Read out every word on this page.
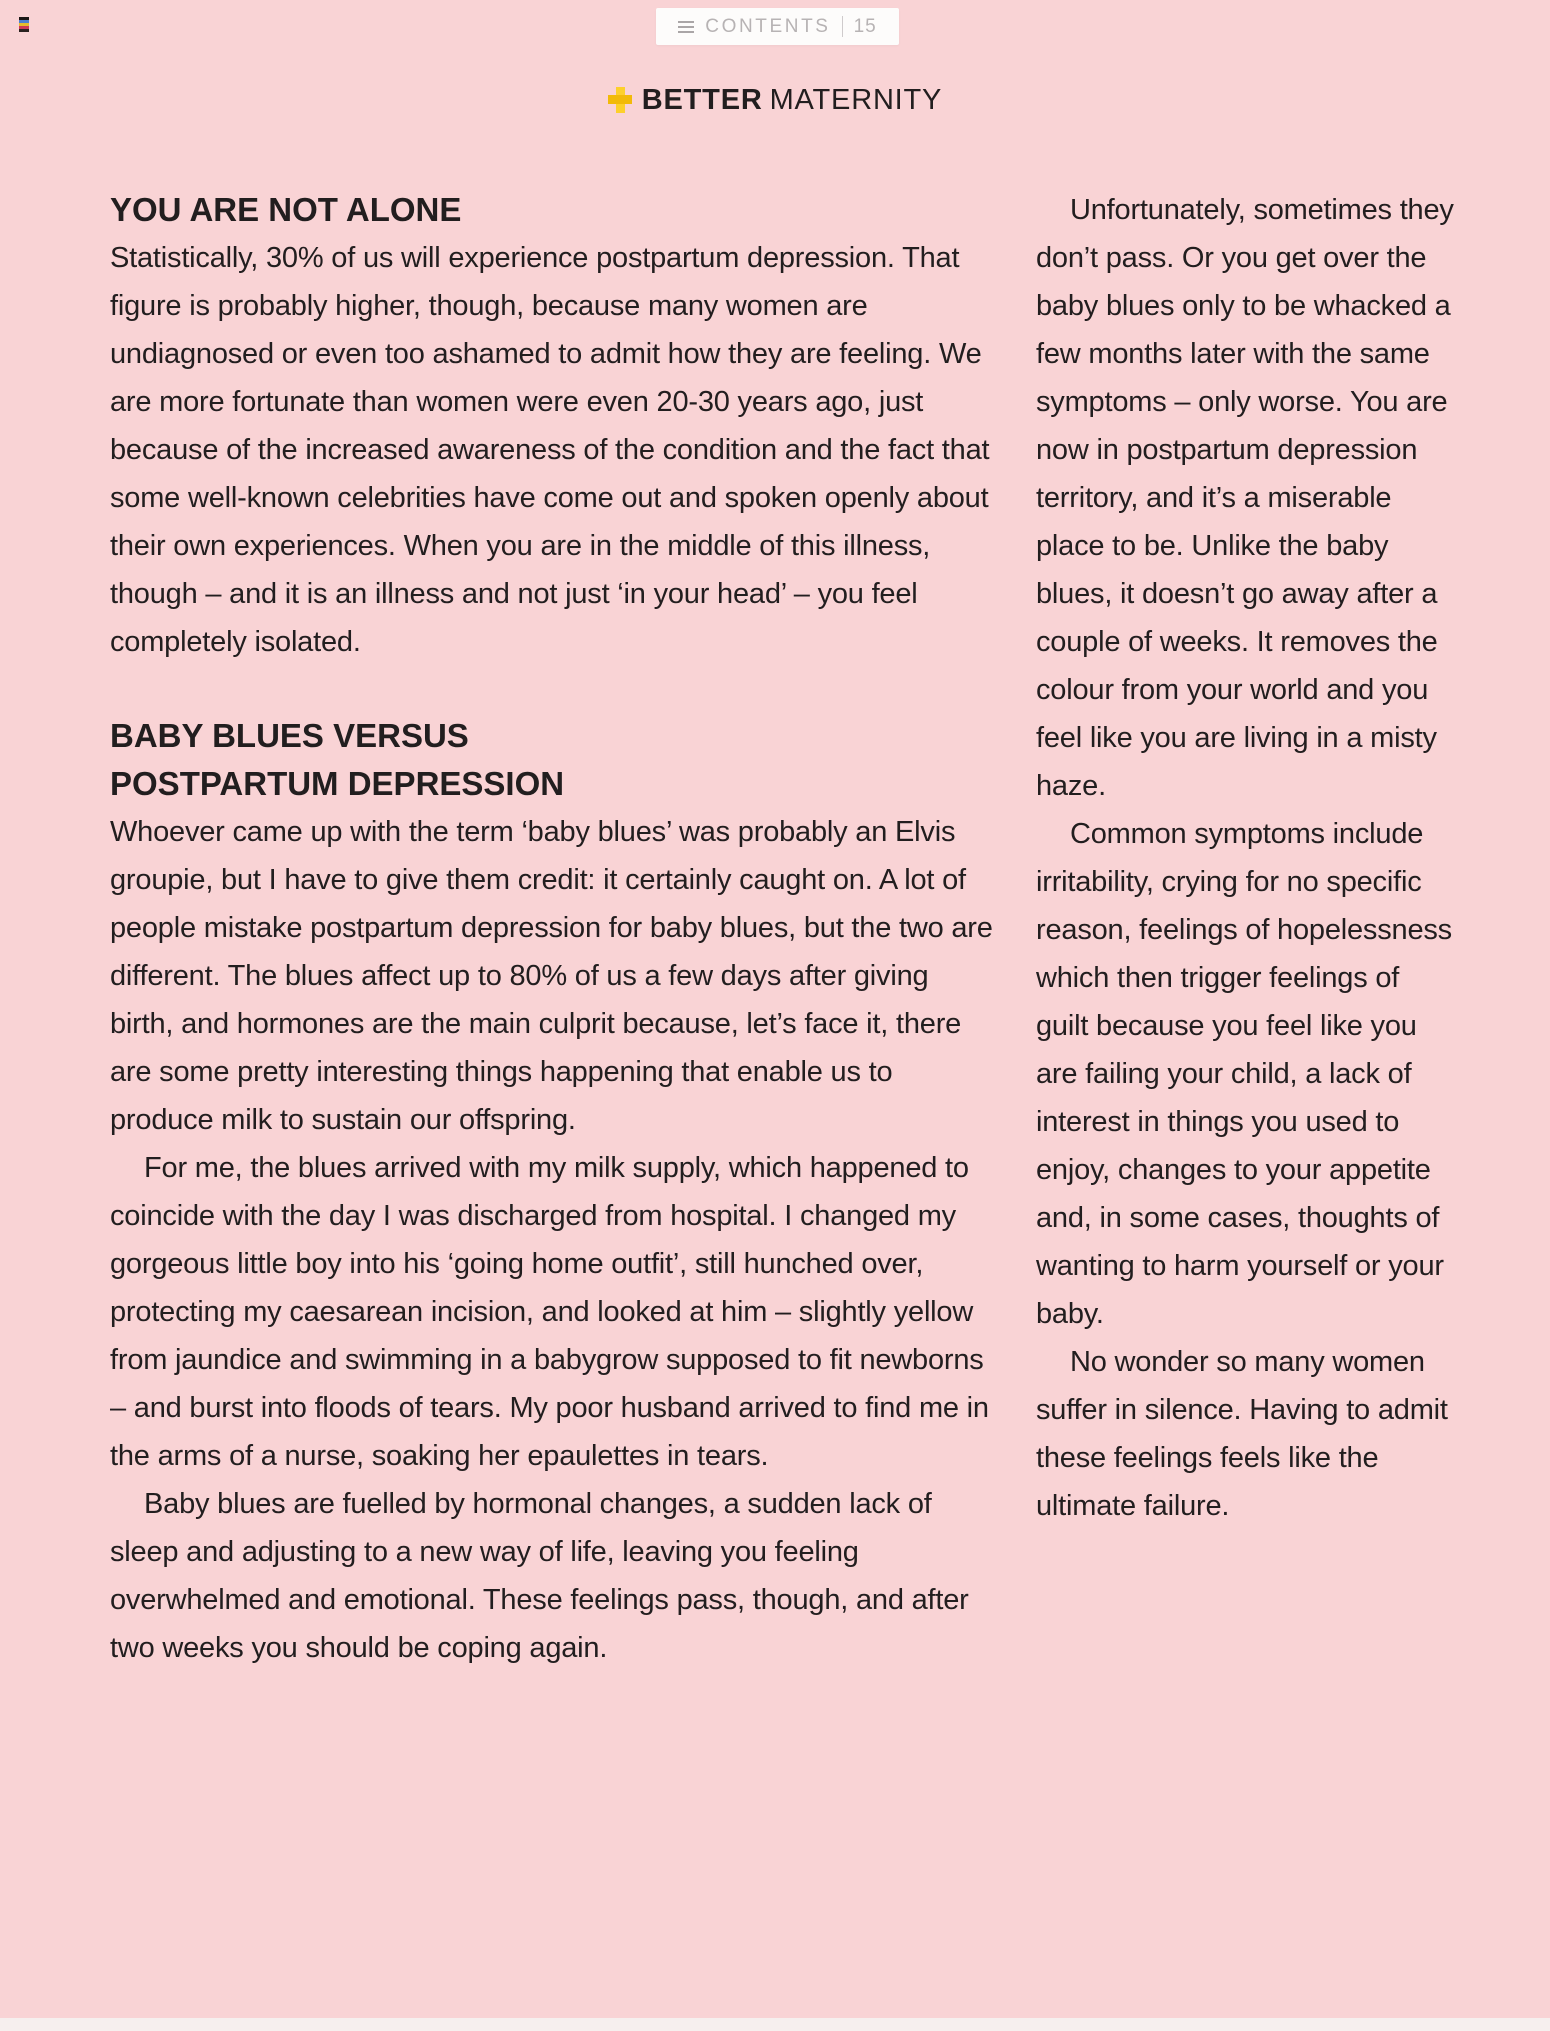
CONTENTS 15
BETTER MATERNITY
YOU ARE NOT ALONE

Statistically, 30% of us will experience postpartum depression. That figure is probably higher, though, because many women are undiagnosed or even too ashamed to admit how they are feeling. We are more fortunate than women were even 20-30 years ago, just because of the increased awareness of the condition and the fact that some well-known celebrities have come out and spoken openly about their own experiences. When you are in the middle of this illness, though – and it is an illness and not just ‘in your head’ – you feel completely isolated.

BABY BLUES VERSUS
POSTPARTUM DEPRESSION

Whoever came up with the term ‘baby blues’ was probably an Elvis groupie, but I have to give them credit: it certainly caught on. A lot of people mistake postpartum depression for baby blues, but the two are different. The blues affect up to 80% of us a few days after giving birth, and hormones are the main culprit because, let’s face it, there are some pretty interesting things happening that enable us to produce milk to sustain our offspring.

For me, the blues arrived with my milk supply, which happened to coincide with the day I was discharged from hospital. I changed my gorgeous little boy into his ‘going home outfit’, still hunched over, protecting my caesarean incision, and looked at him – slightly yellow from jaundice and swimming in a babygrow supposed to fit newborns – and burst into floods of tears. My poor husband arrived to find me in the arms of a nurse, soaking her epaulettes in tears.

Baby blues are fuelled by hormonal changes, a sudden lack of sleep and adjusting to a new way of life, leaving you feeling overwhelmed and emotional. These feelings pass, though, and after two weeks you should be coping again.

Unfortunately, sometimes they don’t pass. Or you get over the baby blues only to be whacked a few months later with the same symptoms – only worse. You are now in postpartum depression territory, and it’s a miserable place to be. Unlike the baby blues, it doesn’t go away after a couple of weeks. It removes the colour from your world and you feel like you are living in a misty haze.

Common symptoms include irritability, crying for no specific reason, feelings of hopelessness which then trigger feelings of guilt because you feel like you are failing your child, a lack of interest in things you used to enjoy, changes to your appetite and, in some cases, thoughts of wanting to harm yourself or your baby.

No wonder so many women suffer in silence. Having to admit these feelings feels like the ultimate failure.
